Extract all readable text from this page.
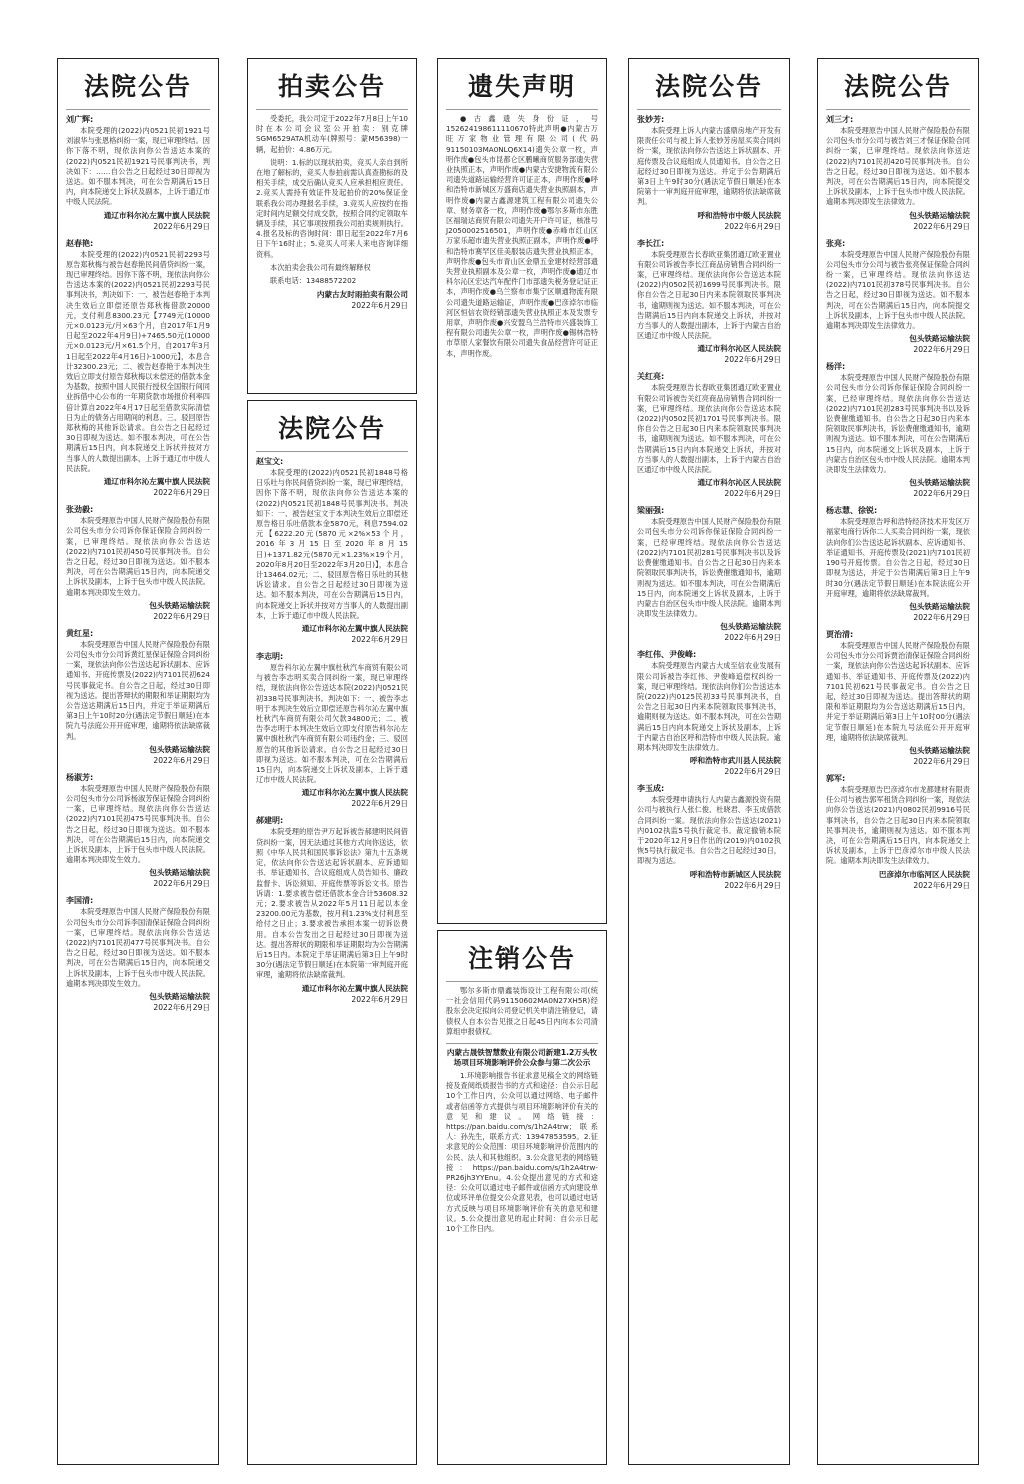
法院公告
刘广辉:
本院受理的(2022)内0521民初1921号刘淑华与张恩格纠纷一案，现已审理终结。因你下落不明，现依法向你公告送达本案的(2022)内0521民初1921号民事判决书，判决如下：……自公告之日起经过30日即视为送达。如不服本判决，可在公告期满后15日内，向本院递交上诉状及副本，上诉于通辽市中级人民法院。
通辽市科尔沁左翼中旗人民法院
2022年6月29日
赵春艳:
本院受理的(2022)内0521民初2293号原告郑秋梅与被告赵春艳民间借贷纠纷一案，现已审理终结。因你下落不明，现依法向你公告送达本案的(2022)内0521民初2293号民事判决书，判决如下：一、被告赵春艳于本判决生效后立即偿还原告郑秋梅借款20000元，支付利息8300.23元【7749元(10000元×0.0123元/月×63个月，自2017年1月9日起至2022年4月9日)+7465.50元(10000元×0.0123元/月×61.5个月，自2017年3月1日起至2022年4月16日)-1000元】，本息合计32300.23元；二、被告赵春艳于本判决生效后立即支付原告郑秋梅以未偿还的借款本金为基数，按照中国人民银行授权全国银行间同业拆借中心公布的一年期贷款市场报价利率四倍计算自2022年4月17日起至借款实际清偿日为止的债务占用期间的利息。三、驳回原告郑秋梅的其他诉讼请求。自公告之日起经过30日即视为送达。如不服本判决，可在公告期满后15日内，向本院递交上诉状并按对方当事人的人数提出副本，上诉于通辽市中级人民法院。
通辽市科尔沁左翼中旗人民法院
2022年6月29日
张劲毅:
本院受理原告中国人民财产保险股份有限公司包头市分公司诉你保证保险合同纠纷一案，已审理终结。现依法向你公告送达(2022)内7101民初450号民事判决书。自公告之日起，经过30日即视为送达。如不服本判决，可在公告期满后15日内，向本院递交上诉状及副本，上诉于包头市中级人民法院。逾期本判决即发生效力。
包头铁路运输法院
2022年6月29日
黄红星:
本院受理原告中国人民财产保险股份有限公司包头市分公司诉黄红星保证保险合同纠纷一案，现依法向你公告送达起诉状副本、应诉通知书、开庭传票及(2022)内7101民初624号民事裁定书。自公告之日起，经过30日即视为送达。提出答辩状的期限和举证期限均为公告送达期满后15日内，并定于举证期满后第3日上午10时20分(遇法定节假日顺延)在本院九号法庭公开开庭审理，逾期将依法缺席裁判。
包头铁路运输法院
2022年6月29日
杨淑芳:
本院受理原告中国人民财产保险股份有限公司包头市分公司诉杨淑芳保证保险合同纠纷一案，已审理终结。现依法向你公告送达(2022)内7101民初475号民事判决书。自公告之日起，经过30日即视为送达。如不服本判决，可在公告期满后15日内，向本院递交上诉状及副本，上诉于包头市中级人民法院。逾期本判决即发生效力。
包头铁路运输法院
2022年6月29日
李国清:
本院受理原告中国人民财产保险股份有限公司包头市分公司诉李国清保证保险合同纠纷一案，已审理终结。现依法向你公告送达(2022)内7101民初477号民事判决书。自公告之日起，经过30日即视为送达。如不服本判决，可在公告期满后15日内，向本院递交上诉状及副本，上诉于包头市中级人民法院。逾期本判决即发生效力。
包头铁路运输法院
2022年6月29日
拍卖公告
受委托，我公司定于2022年7月8日上午10时在本公司会议室公开拍卖：别克牌SGM6529ATA机动车(牌照号：蒙M56398)一辆，起拍价：4.86万元。
说明：1.标的以现状拍卖，竞买人亲自到所在地了解标的，竞买人参拍前需认真查勘标的及相关手续，成交后确认竞买人应承担相应责任。2.竞买人需持有效证件及起拍价的20%保证金联系我公司办理报名手续，3.竞买人应按约在指定时间内足额交付成交款，按照合同约定领取车辆及手续，其它事项按照我公司拍卖规则执行。4.报名及标的咨询时间：即日起至2022年7月6日下午16时止；5.竞买人可来人来电咨询详细资料。
本次拍卖会我公司有最终解释权
联系电话：13488572202
内蒙古友时雨拍卖有限公司
2022年6月29日
法院公告
赵宝文:
本院受理的(2022)内0521民初1848号格日乐吐与你民间借贷纠纷一案，现已审理终结，因你下落不明，现依法向你公告送达本案的(2022)内0521民初1848号民事判决书。判决如下：一、被告赵宝文于本判决生效后立即偿还原告格日乐吐借款本金5870元，利息7594.02元【6222.20元(5870元×2%×53个月，2016年3月15日至2020年8月15日)+1371.82元(5870元×1.23%×19个月，2020年8月20日至2022年3月20日)】，本息合计13464.02元；二、驳回原告格日乐吐的其他诉讼请求。自公告之日起经过30日即视为送达。如不服本判决，可在公告期满后15日内，向本院递交上诉状并按对方当事人的人数提出副本，上诉于通辽市中级人民法院。
通辽市科尔沁左翼中旗人民法院
2022年6月29日
李志明:
原告科尔沁左翼中旗杜秋汽车商贸有限公司与被告李志明买卖合同纠纷一案，现已审理终结，现依法向你公告送达本院(2022)内0521民初338号民事判决书。判决如下：一、被告李志明于本判决生效后立即偿还原告科尔沁左翼中旗杜秋汽车商贸有限公司欠款34800元；二、被告李志明于本判决生效后立即支付原告科尔沁左翼中旗杜秋汽车商贸有限公司违约金；三、驳回原告的其他诉讼请求。自公告之日起经过30日即视为送达。如不服本判决，可在公告期满后15日内，向本院递交上诉状及副本，上诉于通辽市中级人民法院。
通辽市科尔沁左翼中旗人民法院
2022年6月29日
郝建明:
本院受理的原告尹万起诉被告郝建明民间借贷纠纷一案，因无法通过其他方式向你送达，依照《中华人民共和国民事诉讼法》第九十五条规定，依法向你公告送达起诉状副本、应诉通知书、举证通知书、合议庭组成人员告知书、廉政监督卡、诉讼须知、开庭传票等诉讼文书。原告诉请：1.要求被告偿还借款本金合计53608.32元；2.要求被告从2022年5月11日起以本金23200.00元为基数，按月利1.23%支付利息至给付之日止；3.要求被告承担本案一切诉讼费用。自本公告发出之日起经过30日即视为送达。提出答辩状的期限和举证期限均为公告期满后15日内。本院定于举证期满后第3日上午9时30分(遇法定节假日顺延)在本院第一审判庭开庭审理，逾期将依法缺席裁判。
通辽市科尔沁左翼中旗人民法院
2022年6月29日
遗失声明
●古鑫遗失身份证，号152624198611110670特此声明●内蒙古万旺万家物业管理有限公司(代码91150103MA0NLQ6X14)遗失公章一枚，声明作废●包头市昆都仑区鹏曦商贸服务部遗失营业执照正本，声明作废●内蒙古安捷物流有限公司遗失道路运输经营许可证正本，声明作废●呼和浩特市新城区万盛商店遗失营业执照副本，声明作废●内蒙古鑫源建筑工程有限公司遗失公章、财务章各一枚，声明作废●鄂尔多斯市东胜区福瑞达商贸有限公司遗失开户许可证，核准号J2050002516501，声明作废●赤峰市红山区万家乐超市遗失营业执照正副本，声明作废●呼和浩特市赛罕区佳美服装店遗失营业执照正本，声明作废●包头市青山区金鼎五金建材经营部遗失营业执照副本及公章一枚，声明作废●通辽市科尔沁区宏达汽车配件门市部遗失税务登记证正本，声明作废●乌兰察布市集宁区顺通物流有限公司遗失道路运输证，声明作废●巴彦淖尔市临河区恒信农资经销部遗失营业执照正本及发票专用章，声明作废●兴安盟乌兰浩特市兴盛装饰工程有限公司遗失公章一枚，声明作废●锡林浩特市草原人家餐饮有限公司遗失食品经营许可证正本，声明作废。
注销公告
鄂尔多斯市鼎鑫装饰设计工程有限公司(统一社会信用代码91150602MA0N27XH5R)经股东会决定拟向公司登记机关申请注销登记，请债权人自本公告见报之日起45日内向本公司清算组申报债权。
内蒙古晟铁智慧数业有限公司新建1.2万头牧场项目环境影响评价公众参与第二次公示
1.环境影响报告书征求意见稿全文的网络链接及查阅纸质报告书的方式和途径：自公示日起10个工作日内，公众可以通过网络、电子邮件或者信函等方式提供与项目环境影响评价有关的意见和建议。网络链接：https://pan.baidu.com/s/1h2A4trw；联系人：孙先生，联系方式：13947853595。2.征求意见的公众范围：项目环境影响评价范围内的公民、法人和其他组织。3.公众意见表的网络链接：https://pan.baidu.com/s/1h2A4trw-PR26jh3YYEnu。4.公众提出意见的方式和途径：公众可以通过电子邮件或信函方式向建设单位或环评单位提交公众意见表，也可以通过电话方式反映与项目环境影响评价有关的意见和建议。5.公众提出意见的起止时间：自公示日起10个工作日内。
法院公告
张妙芳:
本院受理上诉人内蒙古盛鼎房地产开发有限责任公司与被上诉人张妙芳房屋买卖合同纠纷一案，现依法向你公告送达上诉状副本、开庭传票及合议庭组成人员通知书。自公告之日起经过30日即视为送达。并定于公告期满后第3日上午9时30分(遇法定节假日顺延)在本院第十一审判庭开庭审理，逾期将依法缺席裁判。
呼和浩特市中级人民法院
2022年6月29日
李长江:
本院受理原告长春欧亚集团通辽欧亚置业有限公司诉被告李长江商品房销售合同纠纷一案，已审理终结。现依法向你公告送达本院(2022)内0502民初1699号民事判决书。限你自公告之日起30日内来本院领取民事判决书，逾期则视为送达。如不服本判决，可在公告期满后15日内向本院递交上诉状，并按对方当事人的人数提出副本，上诉于内蒙古自治区通辽市中级人民法院。
通辽市科尔沁区人民法院
2022年6月29日
关红亮:
本院受理原告长春欧亚集团通辽欧亚置业有限公司诉被告关红亮商品房销售合同纠纷一案，已审理终结。现依法向你公告送达本院(2022)内0502民初1701号民事判决书。限你自公告之日起30日内来本院领取民事判决书，逾期则视为送达。如不服本判决，可在公告期满后15日内向本院递交上诉状，并按对方当事人的人数提出副本，上诉于内蒙古自治区通辽市中级人民法院。
通辽市科尔沁区人民法院
2022年6月29日
梁丽强:
本院受理原告中国人民财产保险股份有限公司包头市分公司诉你保证保险合同纠纷一案，已经审理终结。现依法向你公告送达(2022)内7101民初281号民事判决书以及诉讼费催缴通知书。自公告之日起30日内来本院领取民事判决书，诉讼费催缴通知书，逾期则视为送达。如不服本判决，可在公告期满后15日内，向本院递交上诉状及副本，上诉于内蒙古自治区包头市中级人民法院。逾期本判决即发生法律效力。
包头铁路运输法院
2022年6月29日
李红伟、尹俊峰:
本院受理原告内蒙古大成至信农业发展有限公司诉被告李红伟、尹俊峰追偿权纠纷一案，现已审理终结。现依法向你们公告送达本院(2022)内0125民初33号民事判决书，自公告之日起30日内来本院领取民事判决书，逾期则视为送达。如不服本判决，可在公告期满后15日内向本院递交上诉状及副本，上诉于内蒙古自治区呼和浩特市中级人民法院。逾期本判决即发生法律效力。
呼和浩特市武川县人民法院
2022年6月29日
李玉成:
本院受理申请执行人内蒙古鑫源投资有限公司与被执行人张仁俊、杜晓君、李玉成借款合同纠纷一案。现依法向你公告送达(2021)内0102执监5号执行裁定书。裁定撤销本院于2020年12月9日作出的(2019)内0102执恢5号执行裁定书。自公告之日起经过30日，即视为送达。
呼和浩特市新城区人民法院
2022年6月29日
法院公告
刘三才:
本院受理原告中国人民财产保险股份有限公司包头市分公司与被告刘三才保证保险合同纠纷一案，已审理终结。现依法向你送达(2022)内7101民初420号民事判决书。自公告之日起，经过30日即视为送达。如不服本判决，可在公告期满后15日内，向本院提交上诉状及副本，上诉于包头市中级人民法院。逾期本判决即发生法律效力。
包头铁路运输法院
2022年6月29日
张亮:
本院受理原告中国人民财产保险股份有限公司包头市分公司与被告张亮保证保险合同纠纷一案，已审理终结。现依法向你送达(2022)内7101民初378号民事判决书。自公告之日起，经过30日即视为送达。如不服本判决，可在公告期满后15日内，向本院提交上诉状及副本，上诉于包头市中级人民法院。逾期本判决即发生法律效力。
包头铁路运输法院
2022年6月29日
杨洋:
本院受理原告中国人民财产保险股份有限公司包头市分公司诉你保证保险合同纠纷一案，已经审理终结。现依法向你公告送达(2022)内7101民初283号民事判决书以及诉讼费催缴通知书。自公告之日起30日内来本院领取民事判决书，诉讼费催缴通知书，逾期则视为送达。如不服本判决，可在公告期满后15日内，向本院递交上诉状及副本，上诉于内蒙古自治区包头市中级人民法院。逾期本判决即发生法律效力。
包头铁路运输法院
2022年6月29日
杨志慧、徐锐:
本院受理原告呼和浩特经济技术开发区万福家电商行诉你二人买卖合同纠纷一案，现依法向你们公告送达起诉状副本、应诉通知书、举证通知书、开庭传票及(2021)内7101民初190号开庭传票。自公告之日起，经过30日即视为送达，并定于公告期满后第3日上午9时30分(遇法定节假日顺延)在本院法庭公开开庭审理，逾期将依法缺席裁判。
包头铁路运输法院
2022年6月29日
贾治清:
本院受理原告中国人民财产保险股份有限公司包头市分公司诉贾治清保证保险合同纠纷一案，现依法向你公告送达起诉状副本、应诉通知书、举证通知书、开庭传票及(2022)内7101民初621号民事裁定书。自公告之日起，经过30日即视为送达。提出答辩状的期限和举证期限均为公告送达期满后15日内，并定于举证期满后第3日上午10时00分(遇法定节假日顺延)在本院九号法庭公开开庭审理，逾期将依法缺席裁判。
包头铁路运输法院
2022年6月29日
郭军:
本院受理原告巴彦淖尔市龙都建材有限责任公司与被告郭军租赁合同纠纷一案，现依法向你公告送达(2021)内0802民初9916号民事判决书，自公告之日起30日内来本院领取民事判决书，逾期则视为送达。如不服本判决，可在公告期满后15日内，向本院递交上诉状及副本，上诉于巴彦淖尔市中级人民法院。逾期本判决即发生法律效力。
巴彦淖尔市临河区人民法院
2022年6月29日
